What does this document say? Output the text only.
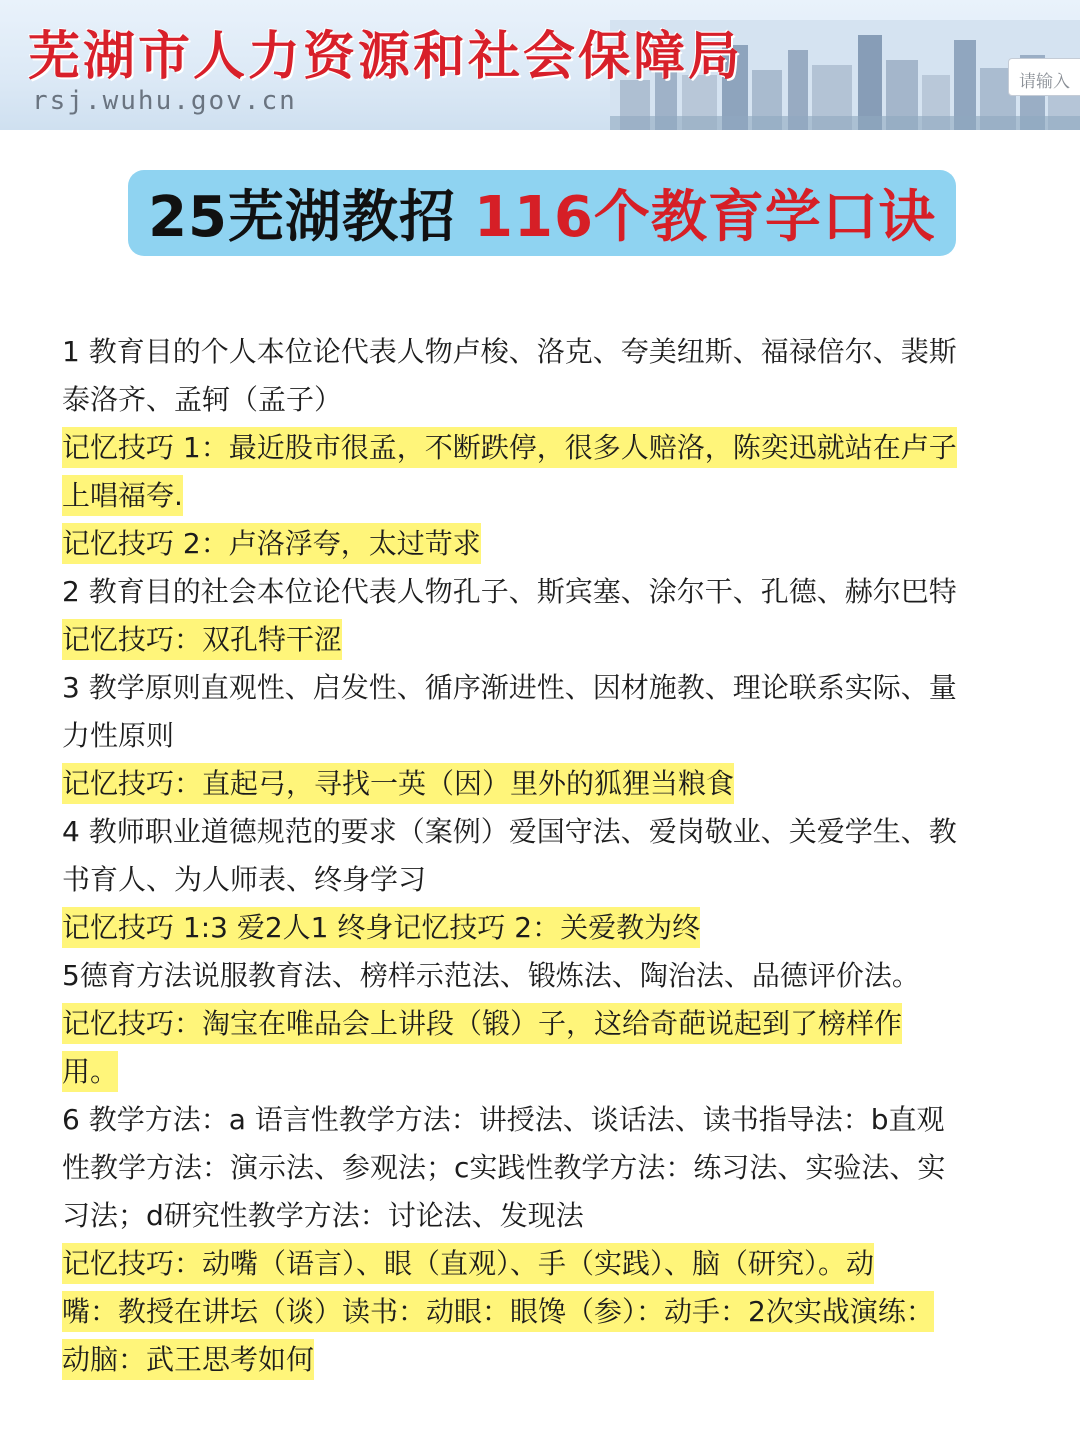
芜湖市人力资源和社会保障局
rsj.wuhu.gov.cn
请输入
25芜湖教招 116个教育学口诀
1 教育目的个人本位论代表人物卢梭、洛克、夸美纽斯、福禄倍尔、裴斯
泰洛齐、孟轲（孟子）
记忆技巧 1：最近股市很孟，不断跌停，很多人赔洛，陈奕迅就站在卢子
上唱福夸.
记忆技巧 2：卢洛浮夸，太过苛求
2 教育目的社会本位论代表人物孔子、斯宾塞、涂尔干、孔德、赫尔巴特
记忆技巧：双孔特干涩
3 教学原则直观性、启发性、循序渐进性、因材施教、理论联系实际、量
力性原则
记忆技巧：直起弓，寻找一英（因）里外的狐狸当粮食
4 教师职业道德规范的要求（案例）爱国守法、爱岗敬业、关爱学生、教
书育人、为人师表、终身学习
记忆技巧 1:3 爱2人1 终身记忆技巧 2：关爱教为终
5德育方法说服教育法、榜样示范法、锻炼法、陶治法、品德评价法。
记忆技巧：淘宝在唯品会上讲段（锻）子，这给奇葩说起到了榜样作
用。
6 教学方法：a 语言性教学方法：讲授法、谈话法、读书指导法：b直观
性教学方法：演示法、参观法；c实践性教学方法：练习法、实验法、实
习法；d研究性教学方法：讨论法、发现法
记忆技巧：动嘴（语言）、眼（直观）、手（实践）、脑（研究）。动
嘴：教授在讲坛（谈）读书：动眼：眼馋（参）：动手：2次实战演练：
动脑：武王思考如何
